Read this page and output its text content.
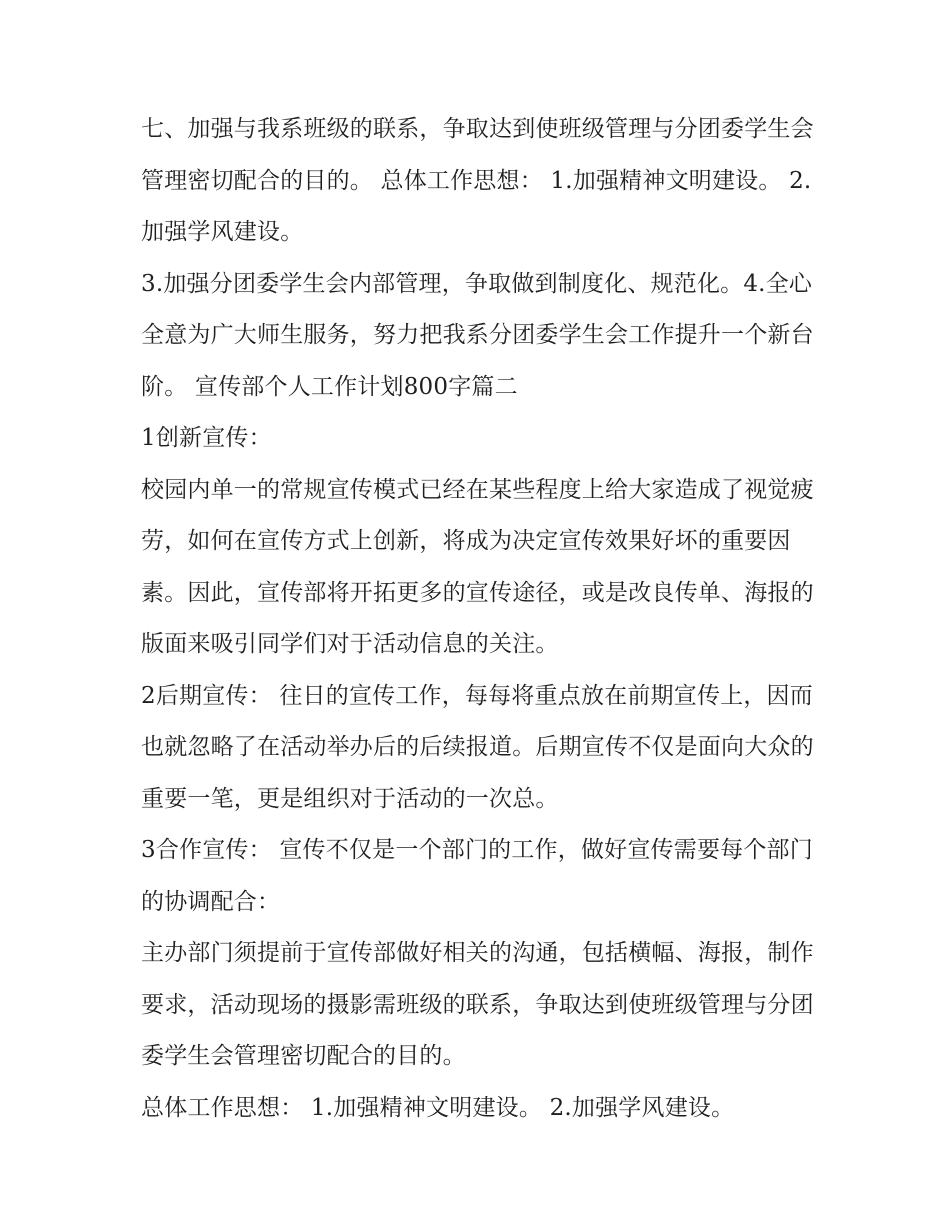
七、加强与我系班级的联系，争取达到使班级管理与分团委学生会管理密切配合的目的。 总体工作思想： 1.加强精神文明建设。 2.加强学风建设。

3.加强分团委学生会内部管理，争取做到制度化、规范化。4.全心全意为广大师生服务，努力把我系分团委学生会工作提升一个新台阶。 宣传部个人工作计划800字篇二

1创新宣传：

校园内单一的常规宣传模式已经在某些程度上给大家造成了视觉疲劳，如何在宣传方式上创新，将成为决定宣传效果好坏的重要因素。因此，宣传部将开拓更多的宣传途径，或是改良传单、海报的版面来吸引同学们对于活动信息的关注。

2后期宣传： 往日的宣传工作，每每将重点放在前期宣传上，因而也就忽略了在活动举办后的后续报道。后期宣传不仅是面向大众的重要一笔，更是组织对于活动的一次总。

3合作宣传： 宣传不仅是一个部门的工作，做好宣传需要每个部门的协调配合：

主办部门须提前于宣传部做好相关的沟通，包括横幅、海报，制作要求，活动现场的摄影需班级的联系，争取达到使班级管理与分团委学生会管理密切配合的目的。

总体工作思想： 1.加强精神文明建设。 2.加强学风建设。
